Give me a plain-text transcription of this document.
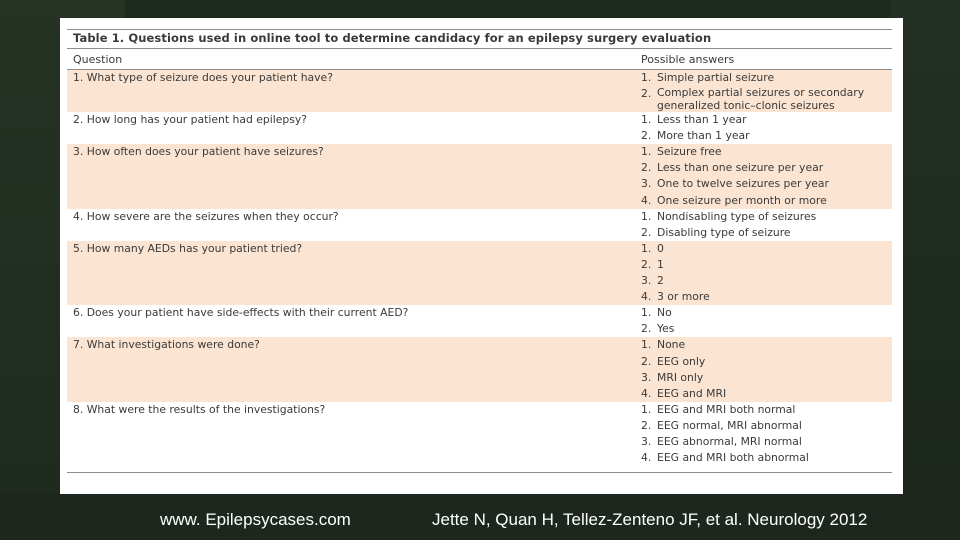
Table 1. Questions used in online tool to determine candidacy for an epilepsy surgery evaluation
Question	Possible answers
1. What type of seizure does your patient have?	1. Simple partial seizure
2. Complex partial seizures or secondary generalized tonic–clonic seizures
2. How long has your patient had epilepsy?	1. Less than 1 year
2. More than 1 year
3. How often does your patient have seizures?	1. Seizure free
2. Less than one seizure per year
3. One to twelve seizures per year
4. One seizure per month or more
4. How severe are the seizures when they occur?	1. Nondisabling type of seizures
2. Disabling type of seizure
5. How many AEDs has your patient tried?	1. 0
2. 1
3. 2
4. 3 or more
6. Does your patient have side-effects with their current AED?	1. No
2. Yes
7. What investigations were done?	1. None
2. EEG only
3. MRI only
4. EEG and MRI
8. What were the results of the investigations?	1. EEG and MRI both normal
2. EEG normal, MRI abnormal
3. EEG abnormal, MRI normal
4. EEG and MRI both abnormal
www. Epilepsycases.com	Jette N, Quan H, Tellez-Zenteno JF, et al. Neurology 2012
